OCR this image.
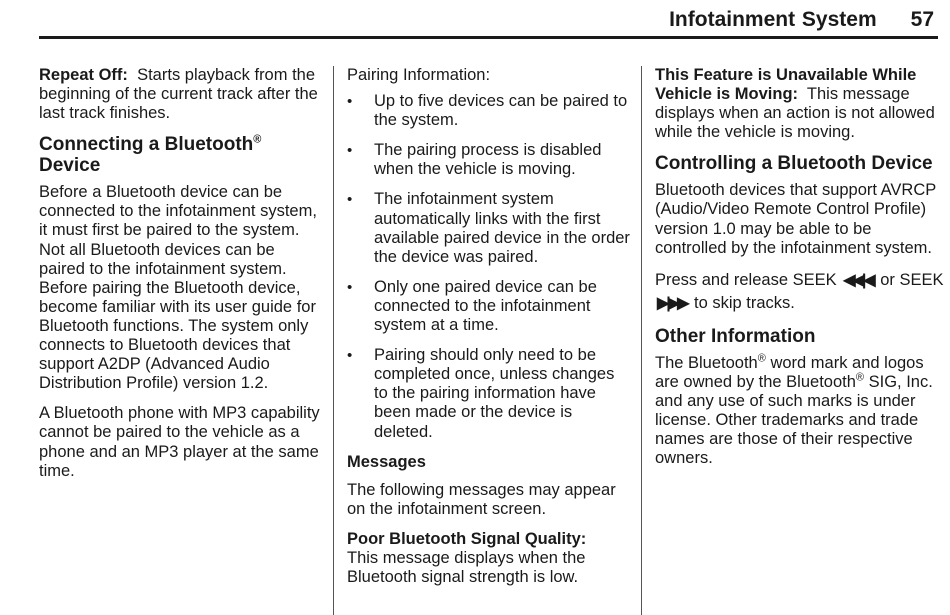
Infotainment System 57

Repeat Off: Starts playback from the beginning of the current track after the last track finishes.

Connecting a Bluetooth®
Device

Before a Bluetooth device can be connected to the infotainment system, it must first be paired to the system. Not all Bluetooth devices can be paired to the infotainment system. Before pairing the Bluetooth device, become familiar with its user guide for Bluetooth functions. The system only connects to Bluetooth devices that support A2DP (Advanced Audio Distribution Profile) version 1.2.

A Bluetooth phone with MP3 capability cannot be paired to the vehicle as a phone and an MP3 player at the same time.

Pairing Information:

• Up to five devices can be paired to the system.
• The pairing process is disabled when the vehicle is moving.
• The infotainment system automatically links with the first available paired device in the order the device was paired.
• Only one paired device can be connected to the infotainment system at a time.
• Pairing should only need to be completed once, unless changes to the pairing information have been made or the device is deleted.
Messages

The following messages may appear on the infotainment screen.

Poor Bluetooth Signal Quality:
This message displays when the Bluetooth signal strength is low.

This Feature is Unavailable While Vehicle is Moving: This message displays when an action is not allowed while the vehicle is moving.

Controlling a Bluetooth Device

Bluetooth devices that support AVRCP (Audio/Video Remote Control Profile) version 1.0 may be able to be controlled by the infotainment system.

Press and release SEEK ◀◀|◀ or SEEK ▶|▶▶ to skip tracks.

Other Information

The Bluetooth® word mark and logos are owned by the Bluetooth® SIG, Inc. and any use of such marks is under license. Other trademarks and trade names are those of their respective owners.
